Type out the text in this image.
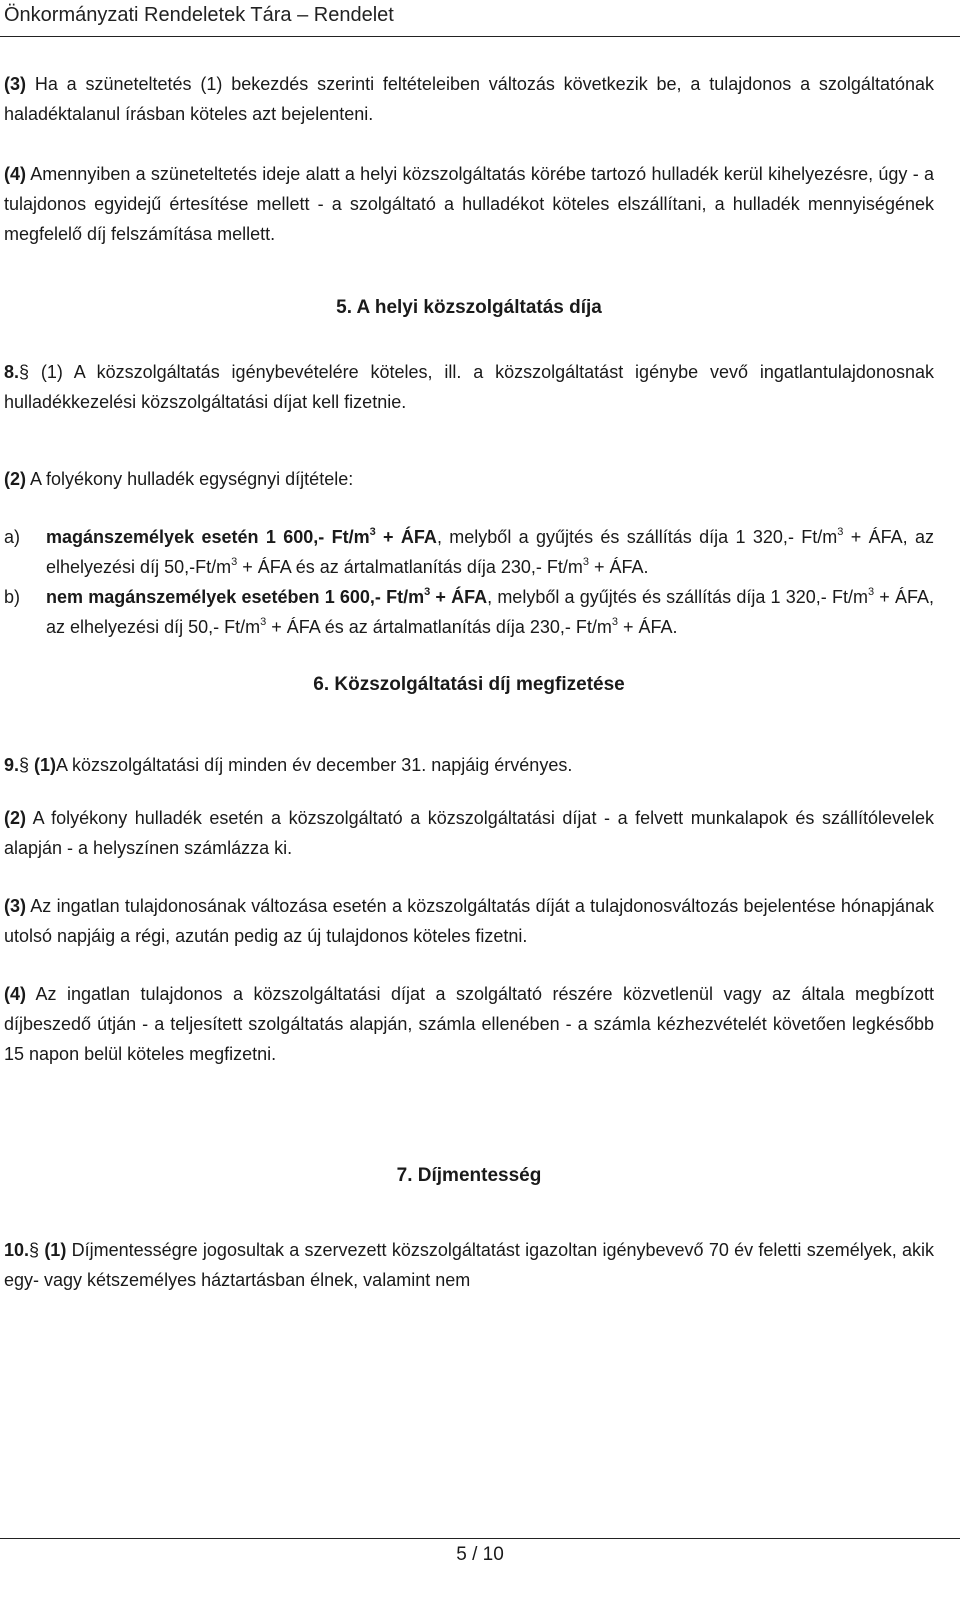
Önkormányzati Rendeletek Tára – Rendelet

(3) Ha a szüneteltetés (1) bekezdés szerinti feltételeiben változás következik be, a tulajdonos a szolgáltatónak haladéktalanul írásban köteles azt bejelenteni.

(4) Amennyiben a szüneteltetés ideje alatt a helyi közszolgáltatás körébe tartozó hulladék kerül kihelyezésre, úgy - a tulajdonos egyidejű értesítése mellett - a szolgáltató a hulladékot köteles elszállítani, a hulladék mennyiségének megfelelő díj felszámítása mellett.

5. A helyi közszolgáltatás díja

8.§ (1) A közszolgáltatás igénybevételére köteles, ill. a közszolgáltatást igénybe vevő ingatlantulajdonosnak hulladékkezelési közszolgáltatási díjat kell fizetnie.

(2) A folyékony hulladék egységnyi díjtétele:

a)	magánszemélyek esetén 1 600,- $Ft/m^3$ + ÁFA, melyből a gyűjtés és szállítás díja 1 320,- $Ft/m^3$ + ÁFA, az elhelyezési díj $50,-Ft/m^3$ + ÁFA és az ártalmatlanítás díja 230,- $Ft/m^3$ + ÁFA.
b)	nem magánszemélyek esetében 1 600,- $Ft/m^3$ + ÁFA, melyből a gyűjtés és szállítás díja 1 320,- $Ft/m^3$ + ÁFA, az elhelyezési díj 50,- $Ft/m^3$ + ÁFA és az ártalmatlanítás díja 230,- $Ft/m^3$ + ÁFA.

6. Közszolgáltatási díj megfizetése

9.§ (1)A közszolgáltatási díj minden év december 31. napjáig érvényes.

(2) A folyékony hulladék esetén a közszolgáltató a közszolgáltatási díjat - a felvett munkalapok és szállítólevelek alapján - a helyszínen számlázza ki.

(3) Az ingatlan tulajdonosának változása esetén a közszolgáltatás díját a tulajdonosváltozás bejelentése hónapjának utolsó napjáig a régi, azután pedig az új tulajdonos köteles fizetni.

(4) Az ingatlan tulajdonos a közszolgáltatási díjat a szolgáltató részére közvetlenül vagy az általa megbízott díjbeszedő útján - a teljesített szolgáltatás alapján, számla ellenében - a számla kézhezvételét követően legkésőbb 15 napon belül köteles megfizetni.

7. Díjmentesség

10.§ (1) Díjmentességre jogosultak a szervezett közszolgáltatást igazoltan igénybevevő 70 év feletti személyek, akik egy- vagy kétszemélyes háztartásban élnek, valamint nem

5 / 10
